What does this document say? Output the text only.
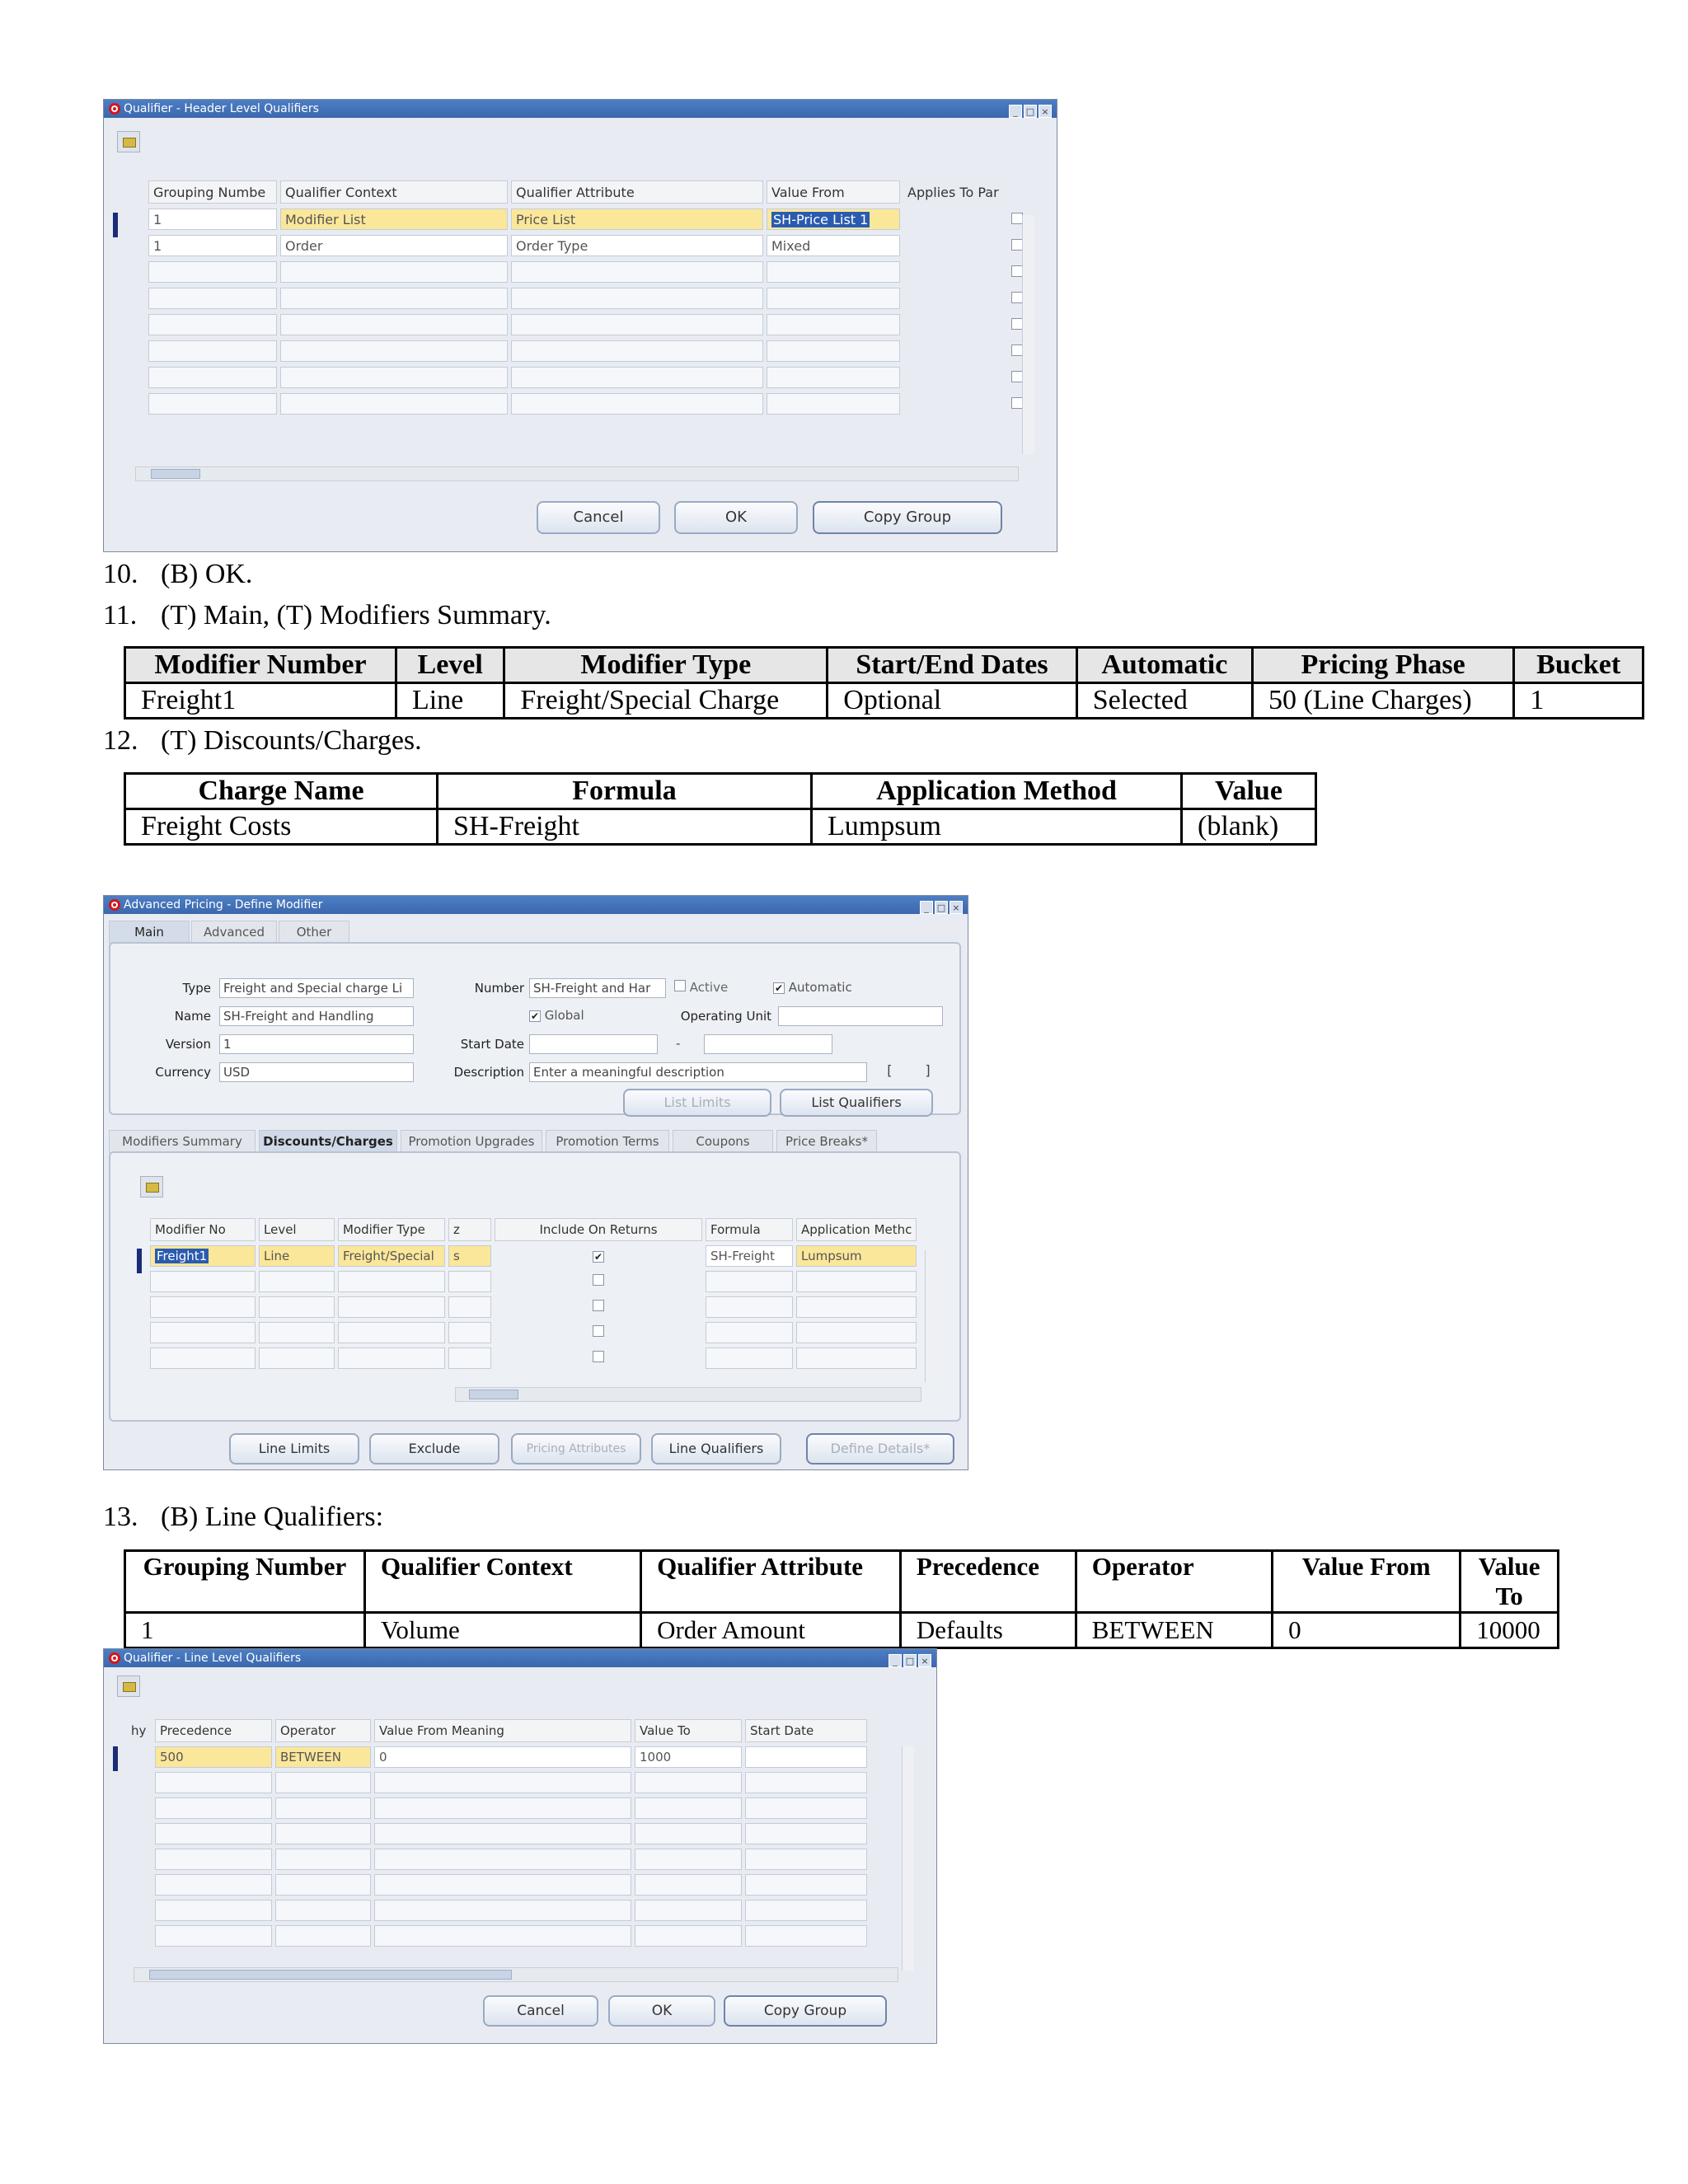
Qualifier - Header Level Qualifiers	_ □ ×
Grouping Numbe	Qualifier Context	Qualifier Attribute	Value From	Applies To Par
1	Modifier List	Price List	SH-Price List 1	
1	Order	Order Type	Mixed	

Cancel	OK	Copy Group
10. (B) OK.
11. (T) Main, (T) Modifiers Summary.
Modifier Number	Level	Modifier Type	Start/End Dates	Automatic	Pricing Phase	Bucket
Freight1	Line	Freight/Special Charge	Optional	Selected	50 (Line Charges)	1
12. (T) Discounts/Charges.
Charge Name	Formula	Application Method	Value
Freight Costs	SH-Freight	Lumpsum	(blank)
Advanced Pricing - Define Modifier	_ □ ×
Main	Advanced	Other
Type	Freight and Special charge Li
Name	SH-Freight and Handling
Version	1
Currency	USD
Number SH-Freight and Har	Active	✔ Automatic
✔ Global	Operating Unit
Start Date	-
Description Enter a meaningful description	[ ]
List Limits	List Qualifiers
Modifiers Summary	Discounts/Charges	Promotion Upgrades	Promotion Terms	Coupons	Price Breaks*
Modifier No	Level	Modifier Type	z	Include On Returns	Formula	Application Methc
Freight1	Line	Freight/Special	s	✔	SH-Freight	Lumpsum

Line Limits	Exclude	Pricing Attributes	Line Qualifiers	Define Details*
13. (B) Line Qualifiers:
Grouping Number	Qualifier Context	Qualifier Attribute	Precedence	Operator	Value From	Value To
1	Volume	Order Amount	Defaults	BETWEEN	0	10000
Qualifier - Line Level Qualifiers	_ □ ×
hy	Precedence	Operator	Value From Meaning	Value To	Start Date
	500	BETWEEN	0	1000	

Cancel	OK	Copy Group
